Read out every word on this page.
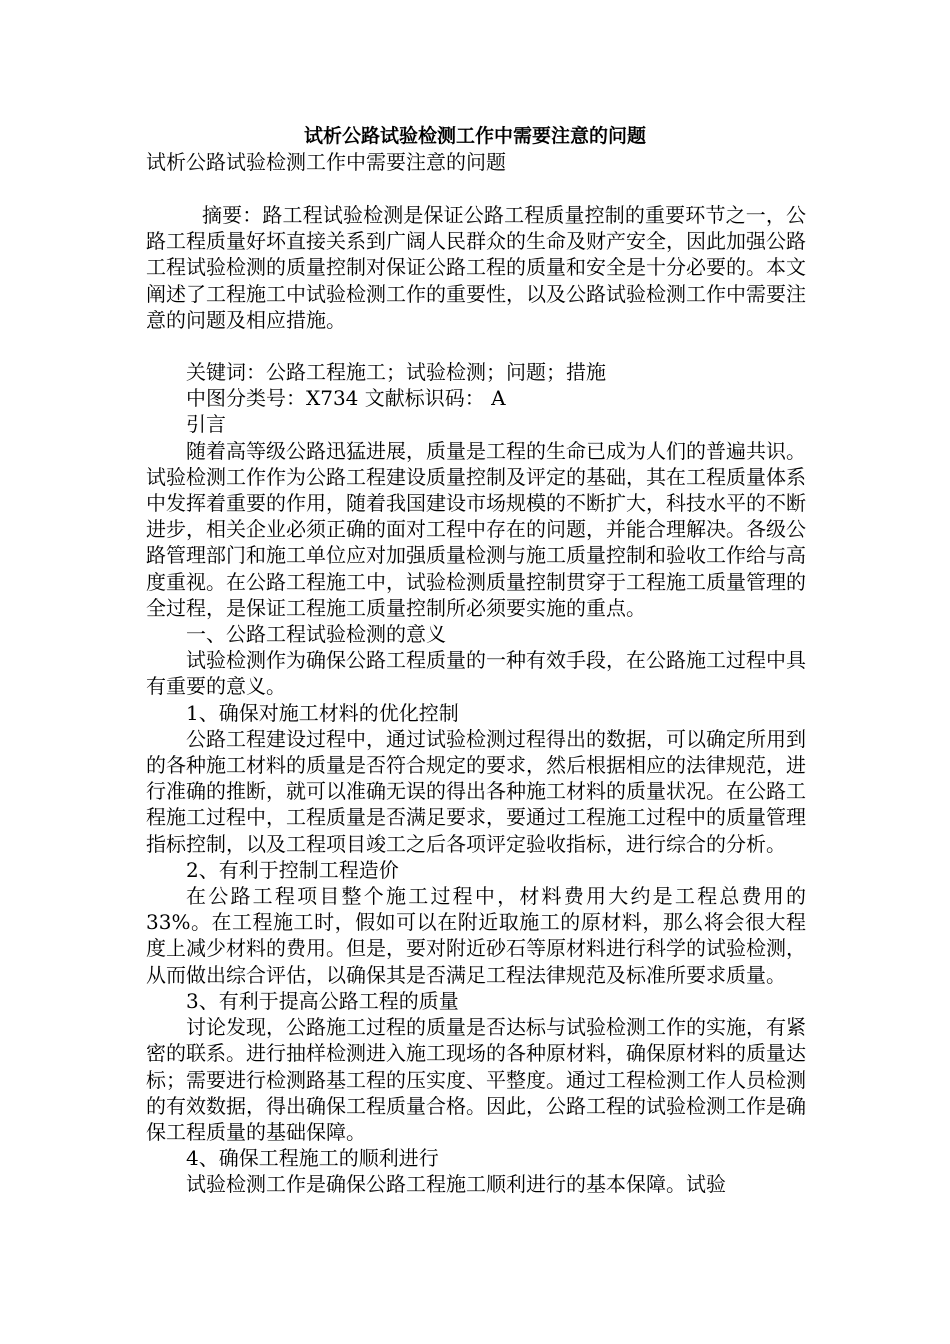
试析公路试验检测工作中需要注意的问题
试析公路试验检测工作中需要注意的问题

摘要：路工程试验检测是保证公路工程质量控制的重要环节之一，公路工程质量好坏直接关系到广阔人民群众的生命及财产安全，因此加强公路工程试验检测的质量控制对保证公路工程的质量和安全是十分必要的。本文阐述了工程施工中试验检测工作的重要性，以及公路试验检测工作中需要注意的问题及相应措施。

关键词：公路工程施工；试验检测；问题；措施

中图分类号：X734 文献标识码： A

引言

随着高等级公路迅猛进展，质量是工程的生命已成为人们的普遍共识。试验检测工作作为公路工程建设质量控制及评定的基础，其在工程质量体系中发挥着重要的作用，随着我国建设市场规模的不断扩大，科技水平的不断进步，相关企业必须正确的面对工程中存在的问题，并能合理解决。各级公路管理部门和施工单位应对加强质量检测与施工质量控制和验收工作给与高度重视。在公路工程施工中，试验检测质量控制贯穿于工程施工质量管理的全过程，是保证工程施工质量控制所必须要实施的重点。

一、公路工程试验检测的意义

试验检测作为确保公路工程质量的一种有效手段，在公路施工过程中具有重要的意义。

1、确保对施工材料的优化控制

公路工程建设过程中，通过试验检测过程得出的数据，可以确定所用到的各种施工材料的质量是否符合规定的要求，然后根据相应的法律规范，进行准确的推断，就可以准确无误的得出各种施工材料的质量状况。在公路工程施工过程中，工程质量是否满足要求，要通过工程施工过程中的质量管理指标控制，以及工程项目竣工之后各项评定验收指标，进行综合的分析。

2、有利于控制工程造价

在公路工程项目整个施工过程中，材料费用大约是工程总费用的33%。在工程施工时，假如可以在附近取施工的原材料，那么将会很大程度上减少材料的费用。但是，要对附近砂石等原材料进行科学的试验检测，从而做出综合评估，以确保其是否满足工程法律规范及标准所要求质量。

3、有利于提高公路工程的质量

讨论发现，公路施工过程的质量是否达标与试验检测工作的实施，有紧密的联系。进行抽样检测进入施工现场的各种原材料，确保原材料的质量达标；需要进行检测路基工程的压实度、平整度。通过工程检测工作人员检测的有效数据，得出确保工程质量合格。因此，公路工程的试验检测工作是确保工程质量的基础保障。

4、确保工程施工的顺利进行

试验检测工作是确保公路工程施工顺利进行的基本保障。试验
